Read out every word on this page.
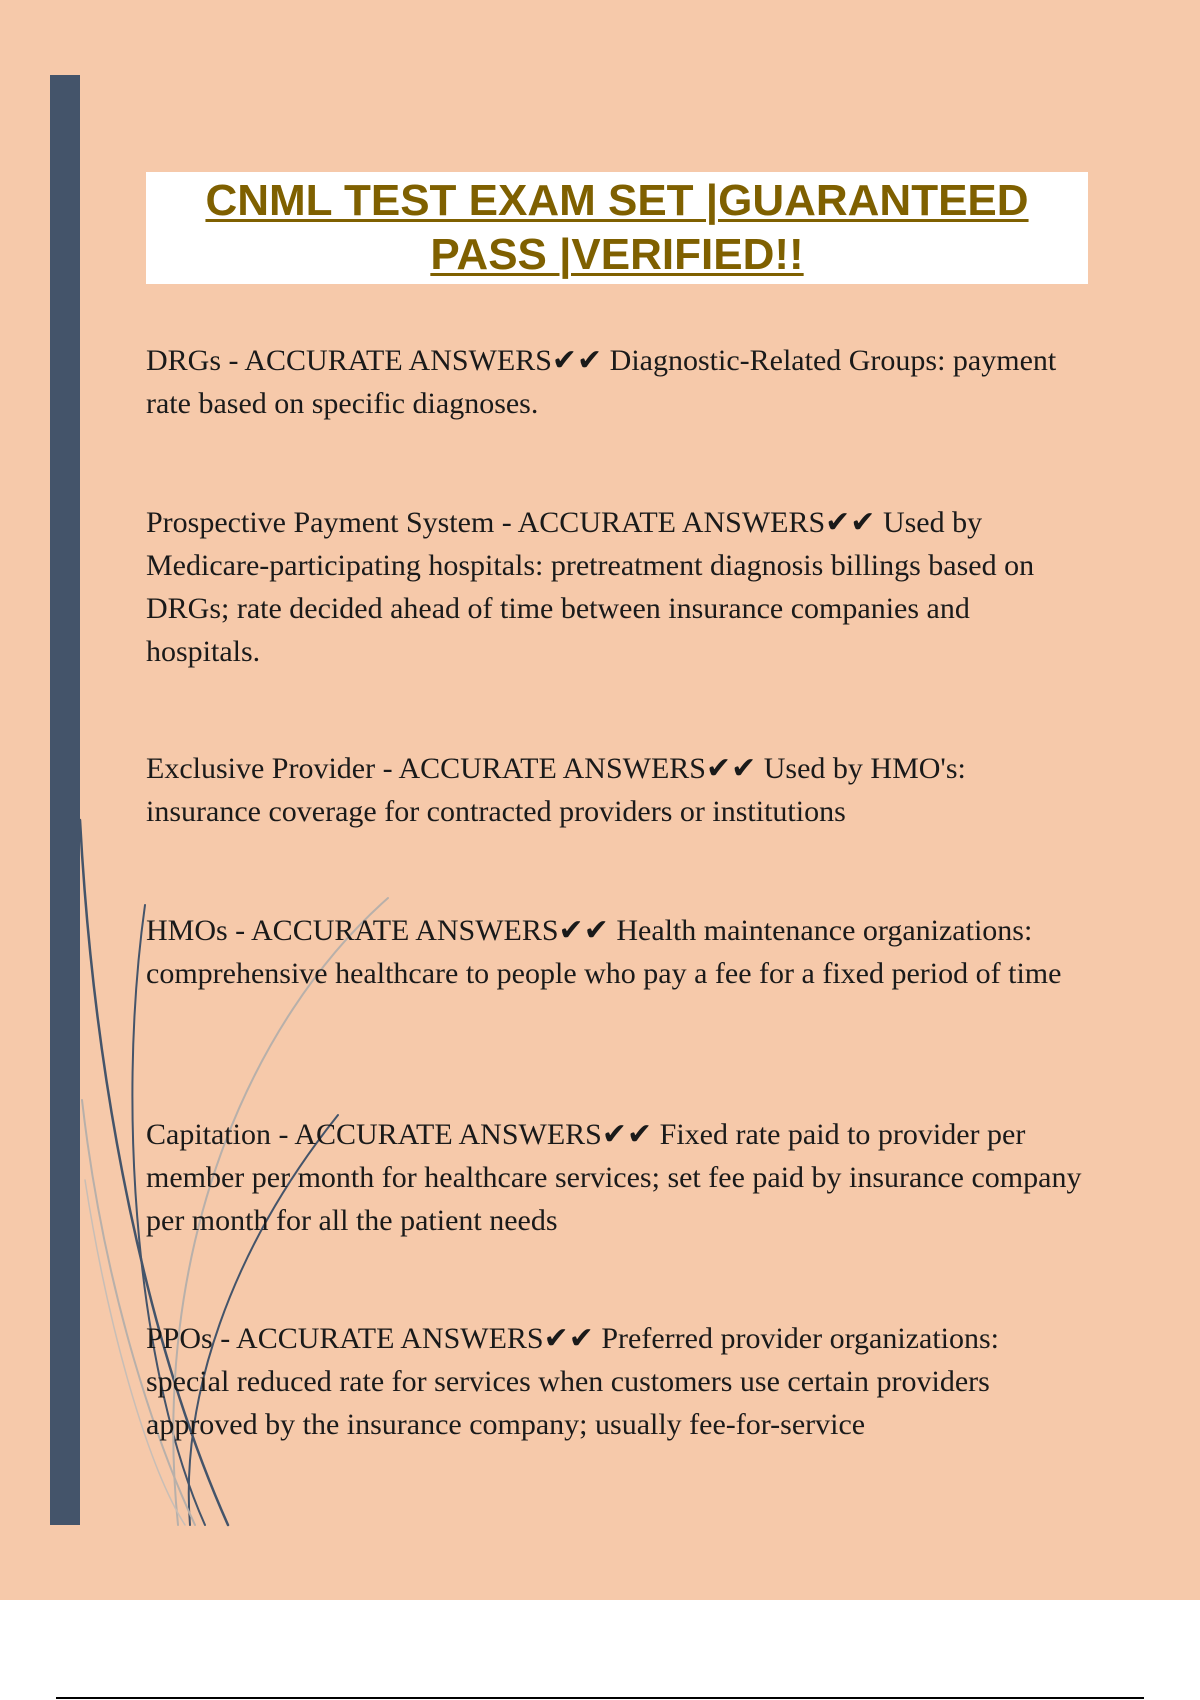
CNML TEST EXAM SET |GUARANTEED PASS |VERIFIED!!
DRGs - ACCURATE ANSWERS✔✔ Diagnostic-Related Groups: payment rate based on specific diagnoses.
Prospective Payment System - ACCURATE ANSWERS✔✔ Used by Medicare-participating hospitals: pretreatment diagnosis billings based on DRGs; rate decided ahead of time between insurance companies and hospitals.
Exclusive Provider - ACCURATE ANSWERS✔✔ Used by HMO's: insurance coverage for contracted providers or institutions
HMOs - ACCURATE ANSWERS✔✔ Health maintenance organizations: comprehensive healthcare to people who pay a fee for a fixed period of time
Capitation - ACCURATE ANSWERS✔✔ Fixed rate paid to provider per member per month for healthcare services; set fee paid by insurance company per month for all the patient needs
PPOs - ACCURATE ANSWERS✔✔ Preferred provider organizations: special reduced rate for services when customers use certain providers approved by the insurance company; usually fee-for-service
